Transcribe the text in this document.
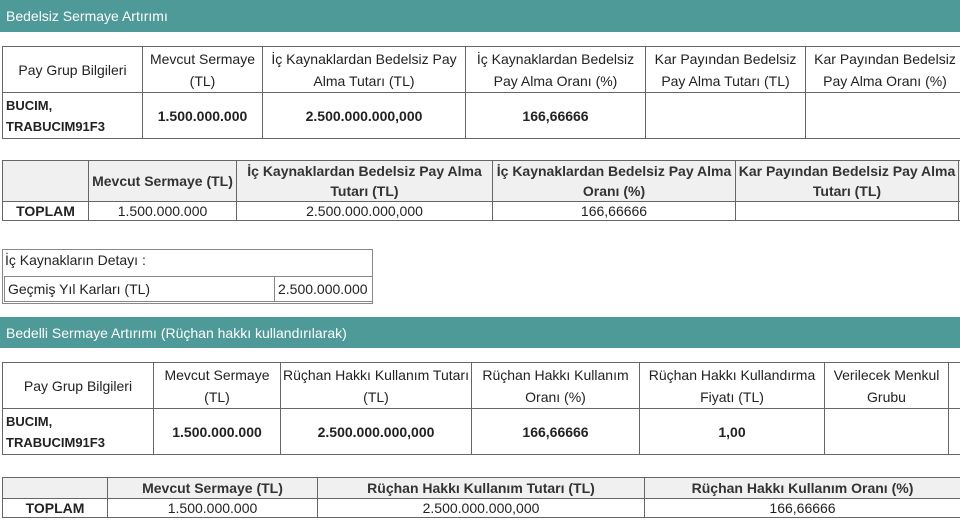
Bedelsiz Sermaye Artırımı
Pay Grup Bilgileri	Mevcut Sermaye (TL)	İç Kaynaklardan Bedelsiz Pay Alma Tutarı (TL)	İç Kaynaklardan Bedelsiz Pay Alma Oranı (%)	Kar Payından Bedelsiz Pay Alma Tutarı (TL)	Kar Payından Bedelsiz Pay Alma Oranı (%)
BUCIM, TRABUCIM91F3	1.500.000.000	2.500.000.000,000	166,66666		
	Mevcut Sermaye (TL)	İç Kaynaklardan Bedelsiz Pay Alma Tutarı (TL)	İç Kaynaklardan Bedelsiz Pay Alma Oranı (%)	Kar Payından Bedelsiz Pay Alma Tutarı (TL)	
TOPLAM	1.500.000.000	2.500.000.000,000	166,66666		
İç Kaynakların Detayı :
Geçmiş Yıl Karları (TL)	2.500.000.000
Bedelli Sermaye Artırımı (Rüçhan hakkı kullandırılarak)
Pay Grup Bilgileri	Mevcut Sermaye (TL)	Rüçhan Hakkı Kullanım Tutarı (TL)	Rüçhan Hakkı Kullanım Oranı (%)	Rüçhan Hakkı Kullandırma Fiyatı (TL)	Verilecek Menkul Grubu	
BUCIM, TRABUCIM91F3	1.500.000.000	2.500.000.000,000	166,66666	1,00		
	Mevcut Sermaye (TL)	Rüçhan Hakkı Kullanım Tutarı (TL)	Rüçhan Hakkı Kullanım Oranı (%)	
TOPLAM	1.500.000.000	2.500.000.000,000	166,66666	
